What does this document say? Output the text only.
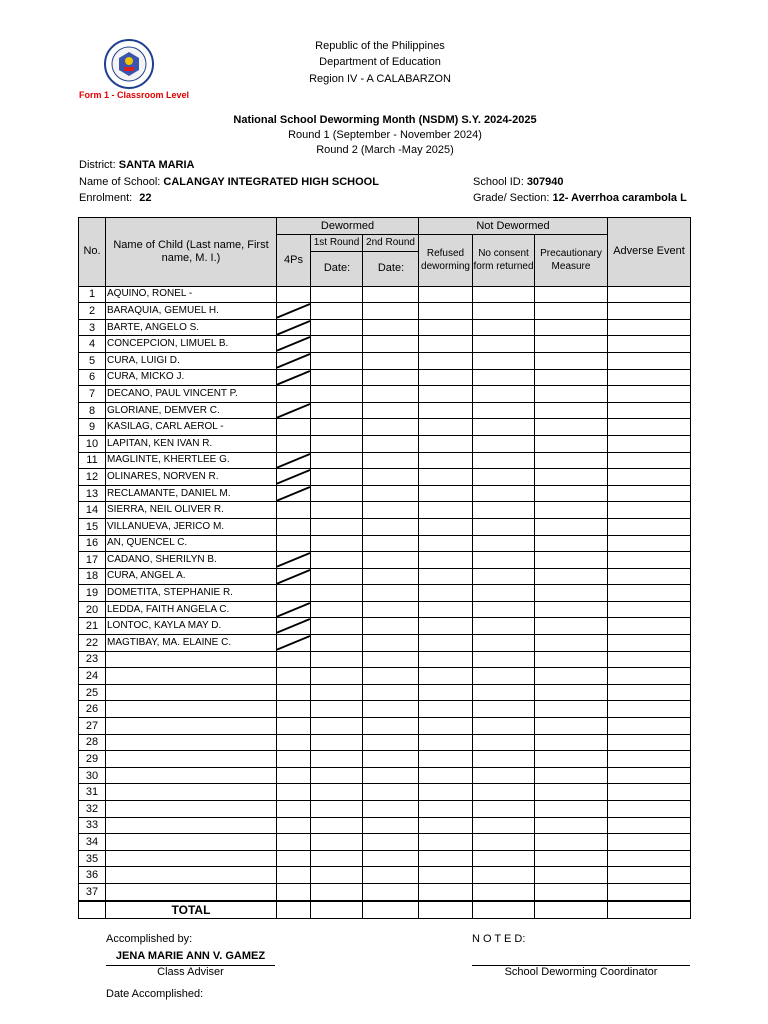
Republic of the Philippines
Department of Education
Region IV - A CALABARZON
Form 1 - Classroom Level
National School Deworming Month (NSDM) S.Y. 2024-2025
Round 1 (September - November 2024)
Round 2 (March -May 2025)
District: SANTA MARIA
Name of School: CALANGAY INTEGRATED HIGH SCHOOL
Enrolment: 22
School ID: 307940
Grade/ Section: 12- Averrhoa carambola L
No.	Name of Child (Last name, First name, M. I.)	Dewormed			Not Dewormed			Adverse Event
		4Ps	1st Round	2nd Round	Refused deworming	No consent form returned	Precautionary Measure	
			Date:	Date:				
1	AQUINO, RONEL -							
2	BARAQUIA, GEMUEL H.	

3	BARTE, ANGELO S.	

4	CONCEPCION, LIMUEL B.	

5	CURA, LUIGI D.	

6	CURA, MICKO J.	

7	DECANO, PAUL VINCENT P.							
8	GLORIANE, DEMVER C.	

9	KASILAG, CARL AEROL -							
10	LAPITAN, KEN IVAN R.							
11	MAGLINTE, KHERTLEE G.	

12	OLINARES, NORVEN R.	

13	RECLAMANTE, DANIEL M.	

14	SIERRA, NEIL OLIVER R.							
15	VILLANUEVA, JERICO M.							
16	AN, QUENCEL C.							
17	CADANO, SHERILYN B.	

18	CURA, ANGEL A.	

19	DOMETITA, STEPHANIE R.							
20	LEDDA, FAITH ANGELA C.	

21	LONTOC, KAYLA MAY D.	

22	MAGTIBAY, MA. ELAINE C.	

23								
24								
25								
26								
27								
28								
29								
30								
31								
32								
33								
34								
35								
36								
37								
	TOTAL							
Accomplished by:
JENA MARIE ANN V. GAMEZ
Class Adviser
N O T E D:
School Deworming Coordinator
Date Accomplished:
